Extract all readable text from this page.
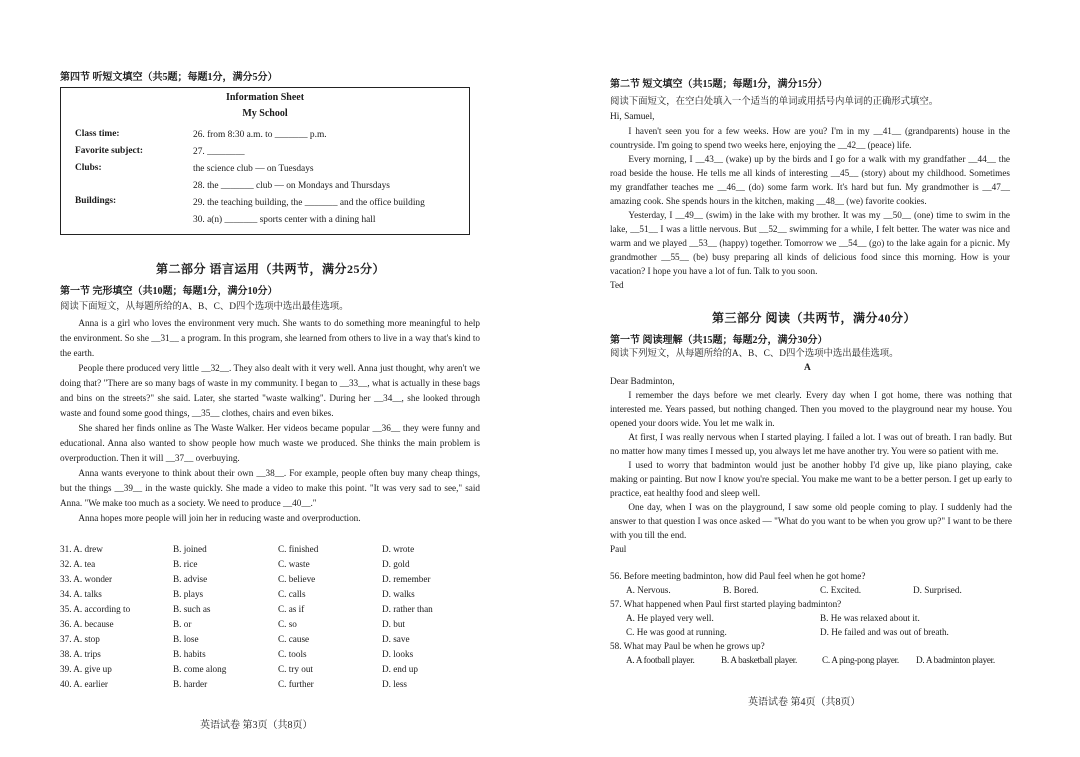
第四节 听短文填空（共5题；每题1分，满分5分）
Information Sheet
My School
Class time:	26. from 8:30 a.m. to _______ p.m.
Favorite subject:	27. ________
Clubs:	the science club — on Tuesdays
28. the _______ club — on Mondays and Thursdays
Buildings:	29. the teaching building, the _______ and the office building
30. a(n) _______ sports center with a dining hall
第二部分 语言运用（共两节，满分25分）
第一节 完形填空（共10题；每题1分，满分10分）
阅读下面短文，从每题所给的A、B、C、D四个选项中选出最佳选项。

Anna is a girl who loves the environment very much. She wants to do something more meaningful to help the environment. So she __31__ a program. In this program, she learned from others to live in a way that's kind to the earth.

People there produced very little __32__. They also dealt with it very well. Anna just thought, why aren't we doing that? "There are so many bags of waste in my community. I began to __33__, what is actually in these bags and bins on the streets?" she said. Later, she started "waste walking". During her __34__, she looked through waste and found some good things, __35__ clothes, chairs and even bikes.

She shared her finds online as The Waste Walker. Her videos became popular __36__ they were funny and educational. Anna also wanted to show people how much waste we produced. She thinks the main problem is overproduction. Then it will __37__ overbuying.

Anna wants everyone to think about their own __38__. For example, people often buy many cheap things, but the things __39__ in the waste quickly. She made a video to make this point. "It was very sad to see," said Anna. "We make too much as a society. We need to produce __40__."

Anna hopes more people will join her in reducing waste and overproduction.

31. A. drew	B. joined	C. finished	D. wrote
32. A. tea	B. rice	C. waste	D. gold
33. A. wonder	B. advise	C. believe	D. remember
34. A. talks	B. plays	C. calls	D. walks
35. A. according to	B. such as	C. as if	D. rather than
36. A. because	B. or	C. so	D. but
37. A. stop	B. lose	C. cause	D. save
38. A. trips	B. habits	C. tools	D. looks
39. A. give up	B. come along	C. try out	D. end up
40. A. earlier	B. harder	C. further	D. less
英语试卷 第3页（共8页）
第二节 短文填空（共15题；每题1分，满分15分）
阅读下面短文，在空白处填入一个适当的单词或用括号内单词的正确形式填空。
Hi, Samuel,

I haven't seen you for a few weeks. How are you? I'm in my __41__ (grandparents) house in the countryside. I'm going to spend two weeks here, enjoying the __42__ (peace) life.

Every morning, I __43__ (wake) up by the birds and I go for a walk with my grandfather __44__ the road beside the house. He tells me all kinds of interesting __45__ (story) about my childhood. Sometimes my grandfather teaches me __46__ (do) some farm work. It's hard but fun. My grandmother is __47__ amazing cook. She spends hours in the kitchen, making __48__ (we) favorite cookies.

Yesterday, I __49__ (swim) in the lake with my brother. It was my __50__ (one) time to swim in the lake, __51__ I was a little nervous. But __52__ swimming for a while, I felt better. The water was nice and warm and we played __53__ (happy) together. Tomorrow we __54__ (go) to the lake again for a picnic. My grandmother __55__ (be) busy preparing all kinds of delicious food since this morning. How is your vacation? I hope you have a lot of fun. Talk to you soon.

Ted

第三部分 阅读（共两节，满分40分）
第一节 阅读理解（共15题；每题2分，满分30分）
阅读下列短文，从每题所给的A、B、C、D四个选项中选出最佳选项。
A
Dear Badminton,

I remember the days before we met clearly. Every day when I got home, there was nothing that interested me. Years passed, but nothing changed. Then you moved to the playground near my house. You opened your doors wide. You let me walk in.

At first, I was really nervous when I started playing. I failed a lot. I was out of breath. I ran badly. But no matter how many times I messed up, you always let me have another try. You were so patient with me.

I used to worry that badminton would just be another hobby I'd give up, like piano playing, cake making or painting. But now I know you're special. You make me want to be a better person. I get up early to practice, eat healthy food and sleep well.

One day, when I was on the playground, I saw some old people coming to play. I suddenly had the answer to that question I was once asked — "What do you want to be when you grow up?" I want to be there with you till the end.

Paul

56. Before meeting badminton, how did Paul feel when he got home?
A. Nervous.	B. Bored.	C. Excited.	D. Surprised.
57. What happened when Paul first started playing badminton?
A. He played very well.	B. He was relaxed about it.
C. He was good at running.	D. He failed and was out of breath.
58. What may Paul be when he grows up?
A. A football player.	B. A basketball player.	C. A ping-pong player. D. A badminton player.
英语试卷 第4页（共8页）
